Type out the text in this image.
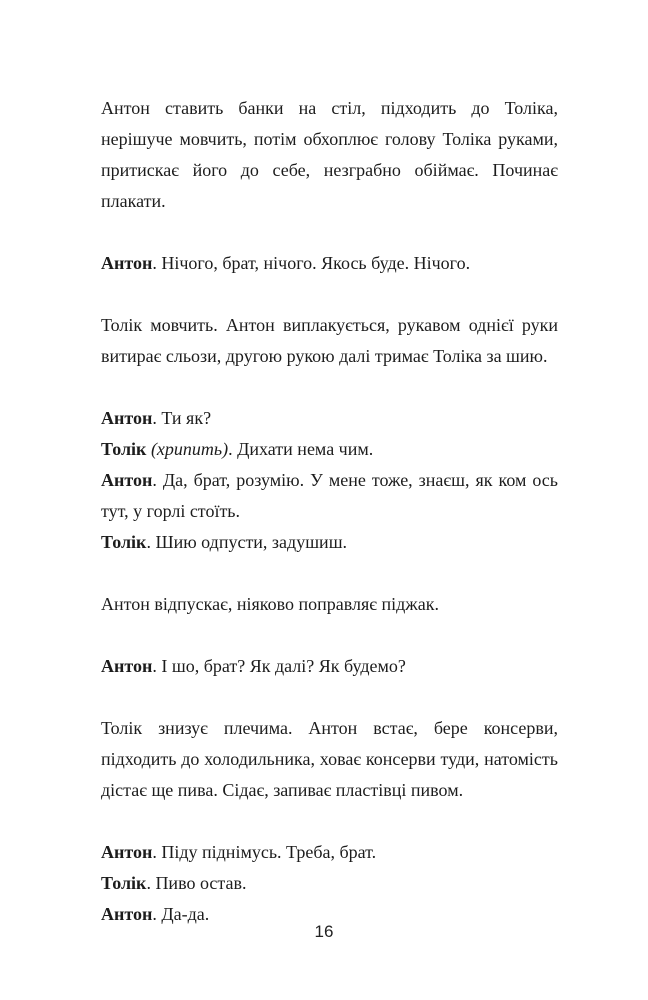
Антон ставить банки на стіл, підходить до Толіка, нерішуче мовчить, потім обхоплює голову Толіка руками, притискає його до себе, незграбно обіймає. Починає плакати.

Антон. Нічого, брат, нічого. Якось буде. Нічого.

Толік мовчить. Антон виплакується, рукавом однієї руки витирає сльози, другою рукою далі тримає Толіка за шию.

Антон. Ти як?

Толік (хрипить). Дихати нема чим.

Антон. Да, брат, розумію. У мене тоже, знаєш, як ком ось тут, у горлі стоїть.

Толік. Шию одпусти, задушиш.

Антон відпускає, ніяково поправляє піджак.

Антон. І шо, брат? Як далі? Як будемо?

Толік знизує плечима. Антон встає, бере консерви, підходить до холодильника, ховає консерви туди, натомість дістає ще пива. Сідає, запиває пластівці пивом.

Антон. Піду піднімусь. Треба, брат.

Толік. Пиво остав.

Антон. Да-да.

16
